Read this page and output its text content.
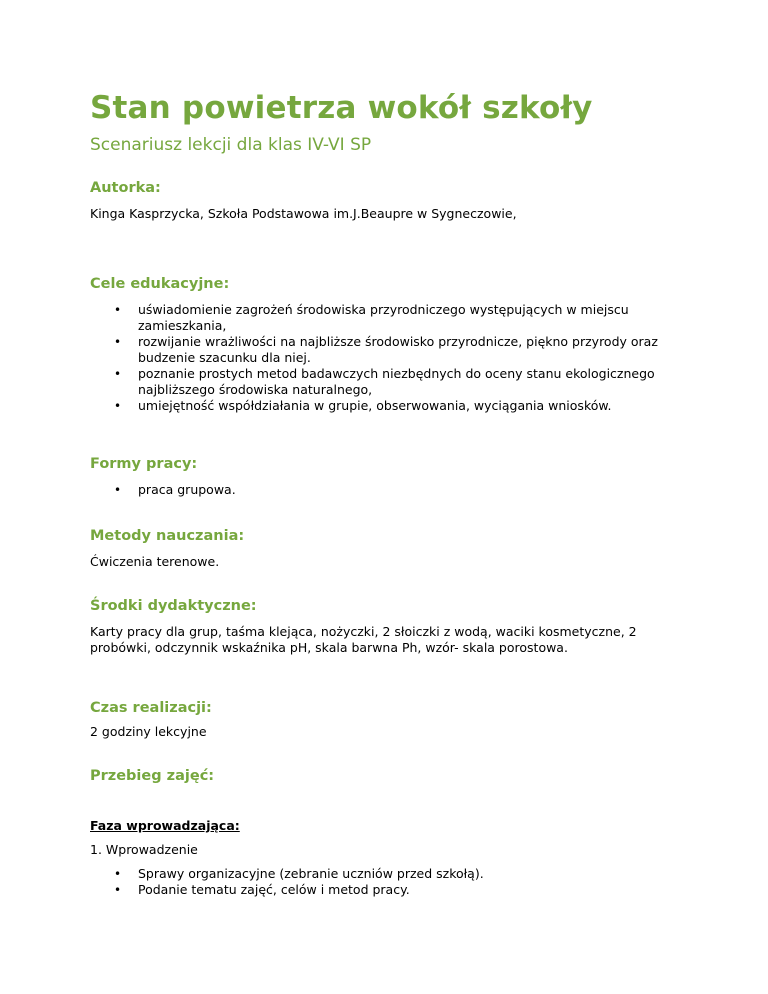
Stan powietrza wokół szkoły

Scenariusz lekcji dla klas IV-VI SP

Autorka:

Kinga Kasprzycka, Szkoła Podstawowa im.J.Beaupre w Sygneczowie,

Cele edukacyjne:

• uświadomienie zagrożeń środowiska przyrodniczego występujących w miejscu zamieszkania,
• rozwijanie wrażliwości na najbliższe środowisko przyrodnicze, piękno przyrody oraz budzenie szacunku dla niej.
• poznanie prostych metod badawczych niezbędnych do oceny stanu ekologicznego najbliższego środowiska naturalnego,
• umiejętność współdziałania w grupie, obserwowania, wyciągania wniosków.

Formy pracy:

• praca grupowa.

Metody nauczania:

Ćwiczenia terenowe.

Środki dydaktyczne:

Karty pracy dla grup, taśma klejąca, nożyczki, 2 słoiczki z wodą, waciki kosmetyczne, 2 probówki, odczynnik wskaźnika pH, skala barwna Ph, wzór- skala porostowa.

Czas realizacji:

2 godziny lekcyjne

Przebieg zajęć:

Faza wprowadzająca:

1. Wprowadzenie

• Sprawy organizacyjne (zebranie uczniów przed szkołą).
• Podanie tematu zajęć, celów i metod pracy.
